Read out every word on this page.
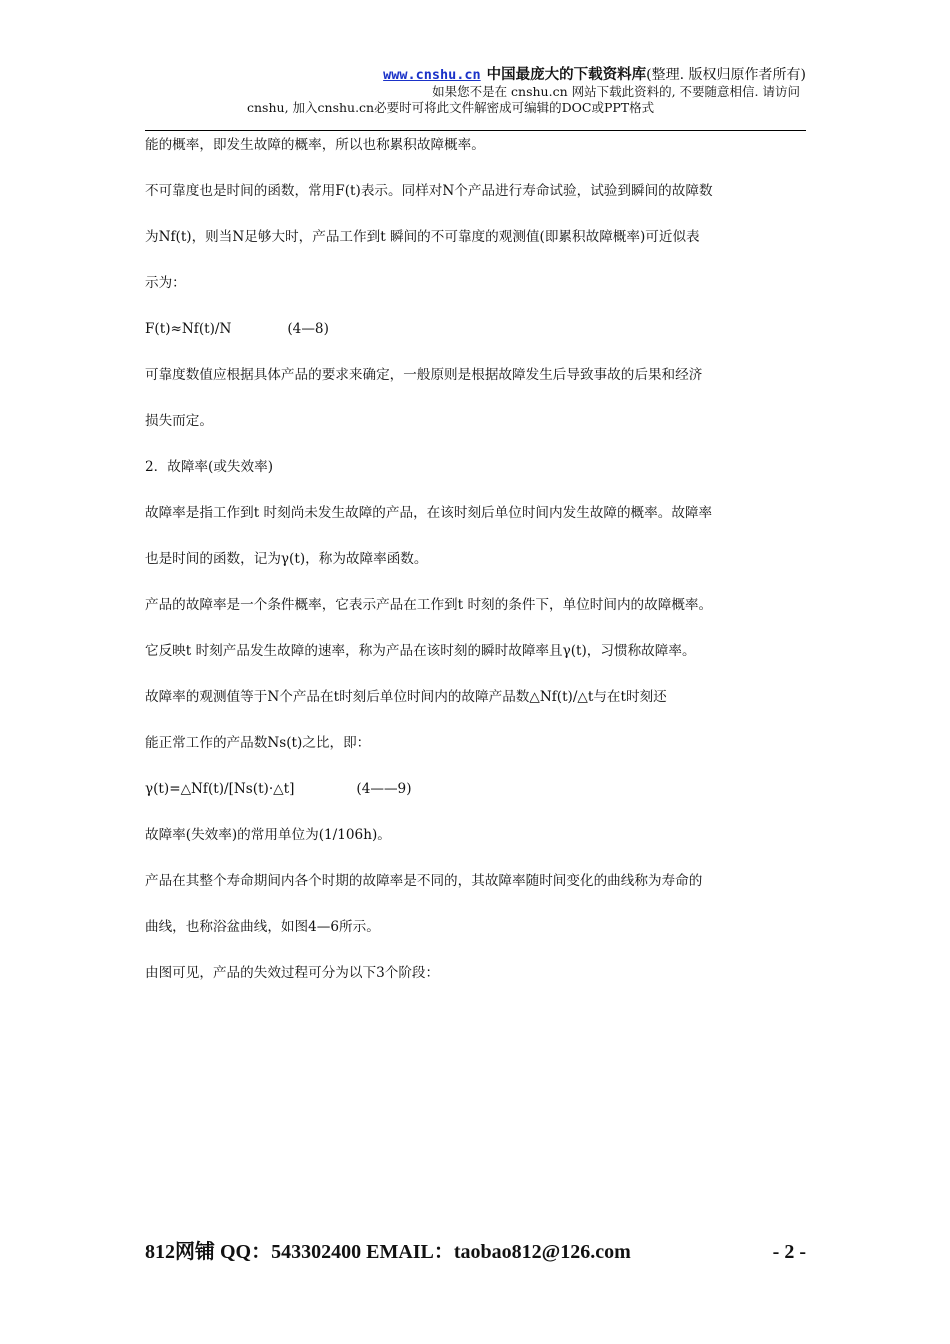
www.cnshu.cn 中国最庞大的下载资料库(整理. 版权归原作者所有)
如果您不是在 cnshu.cn 网站下载此资料的, 不要随意相信. 请访问
cnshu, 加入cnshu.cn必要时可将此文件解密成可编辑的DOC或PPT格式
能的概率，即发生故障的概率，所以也称累积故障概率。
不可靠度也是时间的函数，常用F(t)表示。同样对N个产品进行寿命试验，试验到瞬间的故障数
为Nf(t)，则当N足够大时，产品工作到t 瞬间的不可靠度的观测值(即累积故障概率)可近似表
示为：
F(t)≈Nf(t)/N	(4—8)
可靠度数值应根据具体产品的要求来确定，一般原则是根据故障发生后导致事故的后果和经济
损失而定。
2．故障率(或失效率)
故障率是指工作到t 时刻尚未发生故障的产品，在该时刻后单位时间内发生故障的概率。故障率
也是时间的函数，记为γ(t)，称为故障率函数。
产品的故障率是一个条件概率，它表示产品在工作到t 时刻的条件下，单位时间内的故障概率。
它反映t 时刻产品发生故障的速率，称为产品在该时刻的瞬时故障率且γ(t)，习惯称故障率。
故障率的观测值等于N个产品在t时刻后单位时间内的故障产品数△Nf(t)/△t与在t时刻还
能正常工作的产品数Ns(t)之比，即：
γ(t)=△Nf(t)/[Ns(t)·△t]	(4——9)
故障率(失效率)的常用单位为(1/106h)。
产品在其整个寿命期间内各个时期的故障率是不同的，其故障率随时间变化的曲线称为寿命的
曲线，也称浴盆曲线，如图4—6所示。
由图可见，产品的失效过程可分为以下3个阶段：
812网铺 QQ：543302400 EMAIL：taobao812@126.com	- 2 -
